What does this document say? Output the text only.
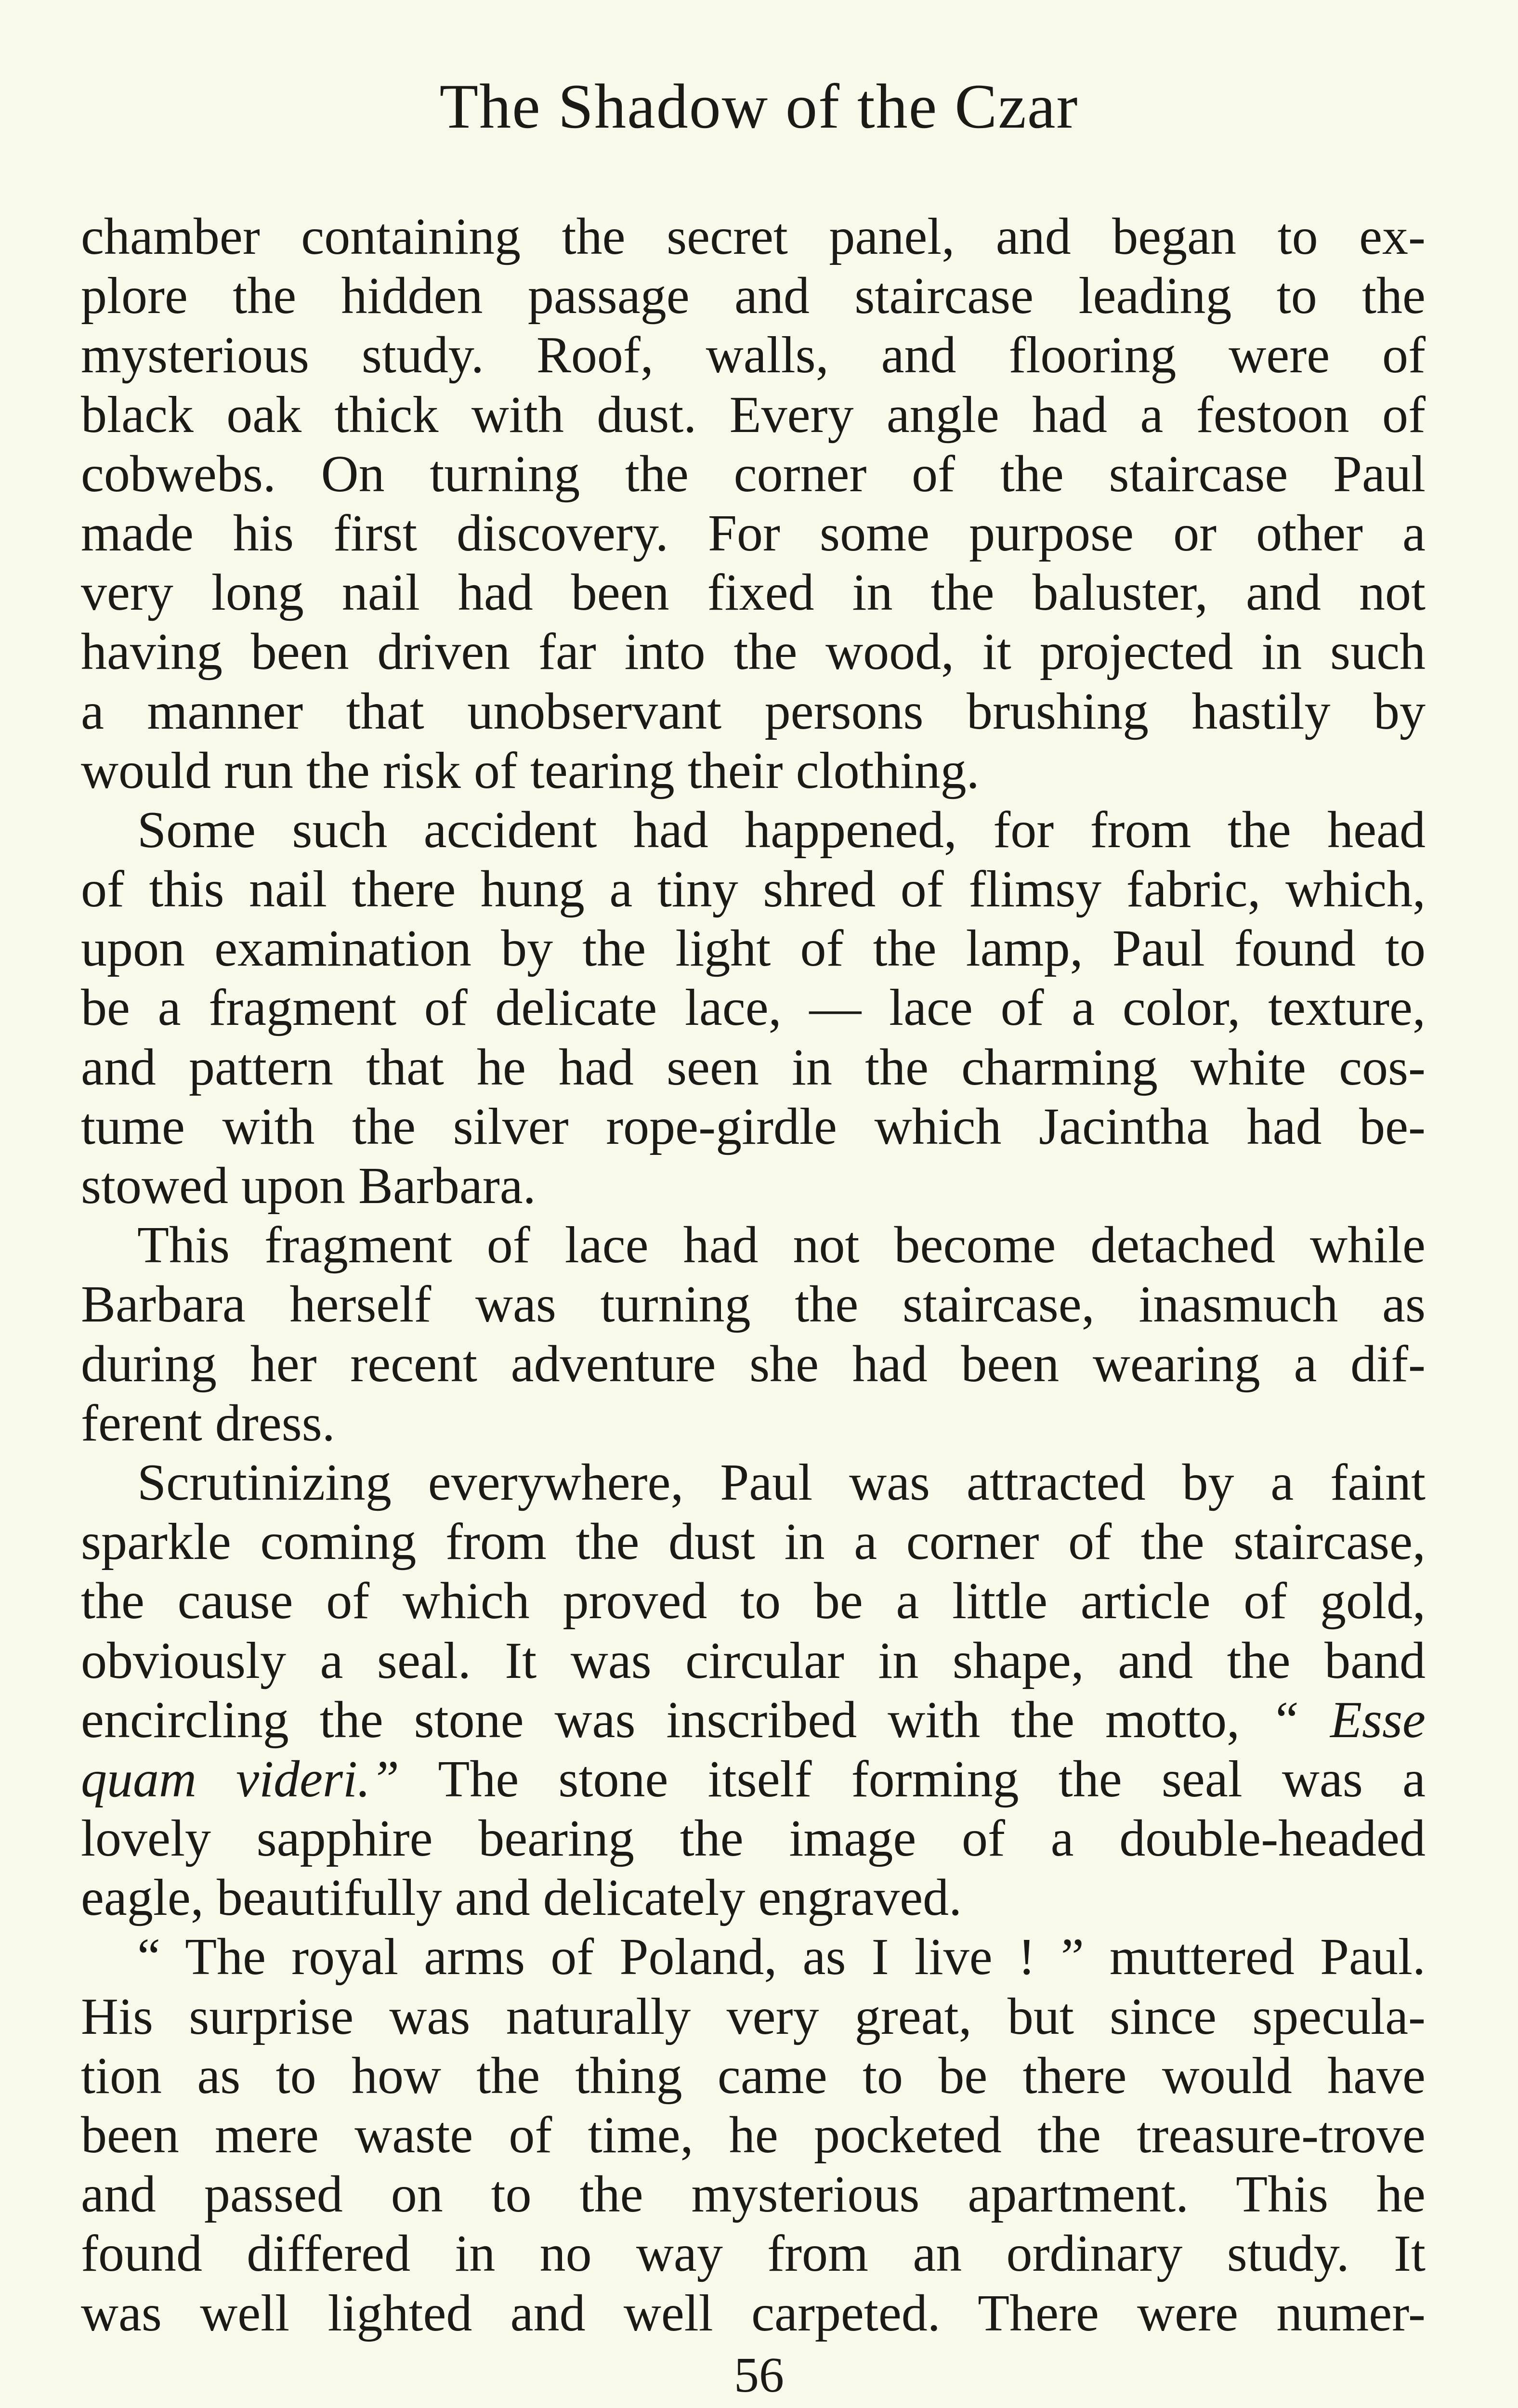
The Shadow of the Czar
chamber containing the secret panel, and began to ex-
plore the hidden passage and staircase leading to the
mysterious study. Roof, walls, and flooring were of
black oak thick with dust. Every angle had a festoon of
cobwebs. On turning the corner of the staircase Paul
made his first discovery. For some purpose or other a
very long nail had been fixed in the baluster, and not
having been driven far into the wood, it projected in such
a manner that unobservant persons brushing hastily by
would run the risk of tearing their clothing.
Some such accident had happened, for from the head
of this nail there hung a tiny shred of flimsy fabric, which,
upon examination by the light of the lamp, Paul found to
be a fragment of delicate lace, — lace of a color, texture,
and pattern that he had seen in the charming white cos-
tume with the silver rope-girdle which Jacintha had be-
stowed upon Barbara.
This fragment of lace had not become detached while
Barbara herself was turning the staircase, inasmuch as
during her recent adventure she had been wearing a dif-
ferent dress.
Scrutinizing everywhere, Paul was attracted by a faint
sparkle coming from the dust in a corner of the staircase,
the cause of which proved to be a little article of gold,
obviously a seal. It was circular in shape, and the band
encircling the stone was inscribed with the motto, “ Esse
quam videri.” The stone itself forming the seal was a
lovely sapphire bearing the image of a double-headed
eagle, beautifully and delicately engraved.
“ The royal arms of Poland, as I live ! ” muttered Paul.
His surprise was naturally very great, but since specula-
tion as to how the thing came to be there would have
been mere waste of time, he pocketed the treasure-trove
and passed on to the mysterious apartment. This he
found differed in no way from an ordinary study. It
was well lighted and well carpeted. There were numer-
56
